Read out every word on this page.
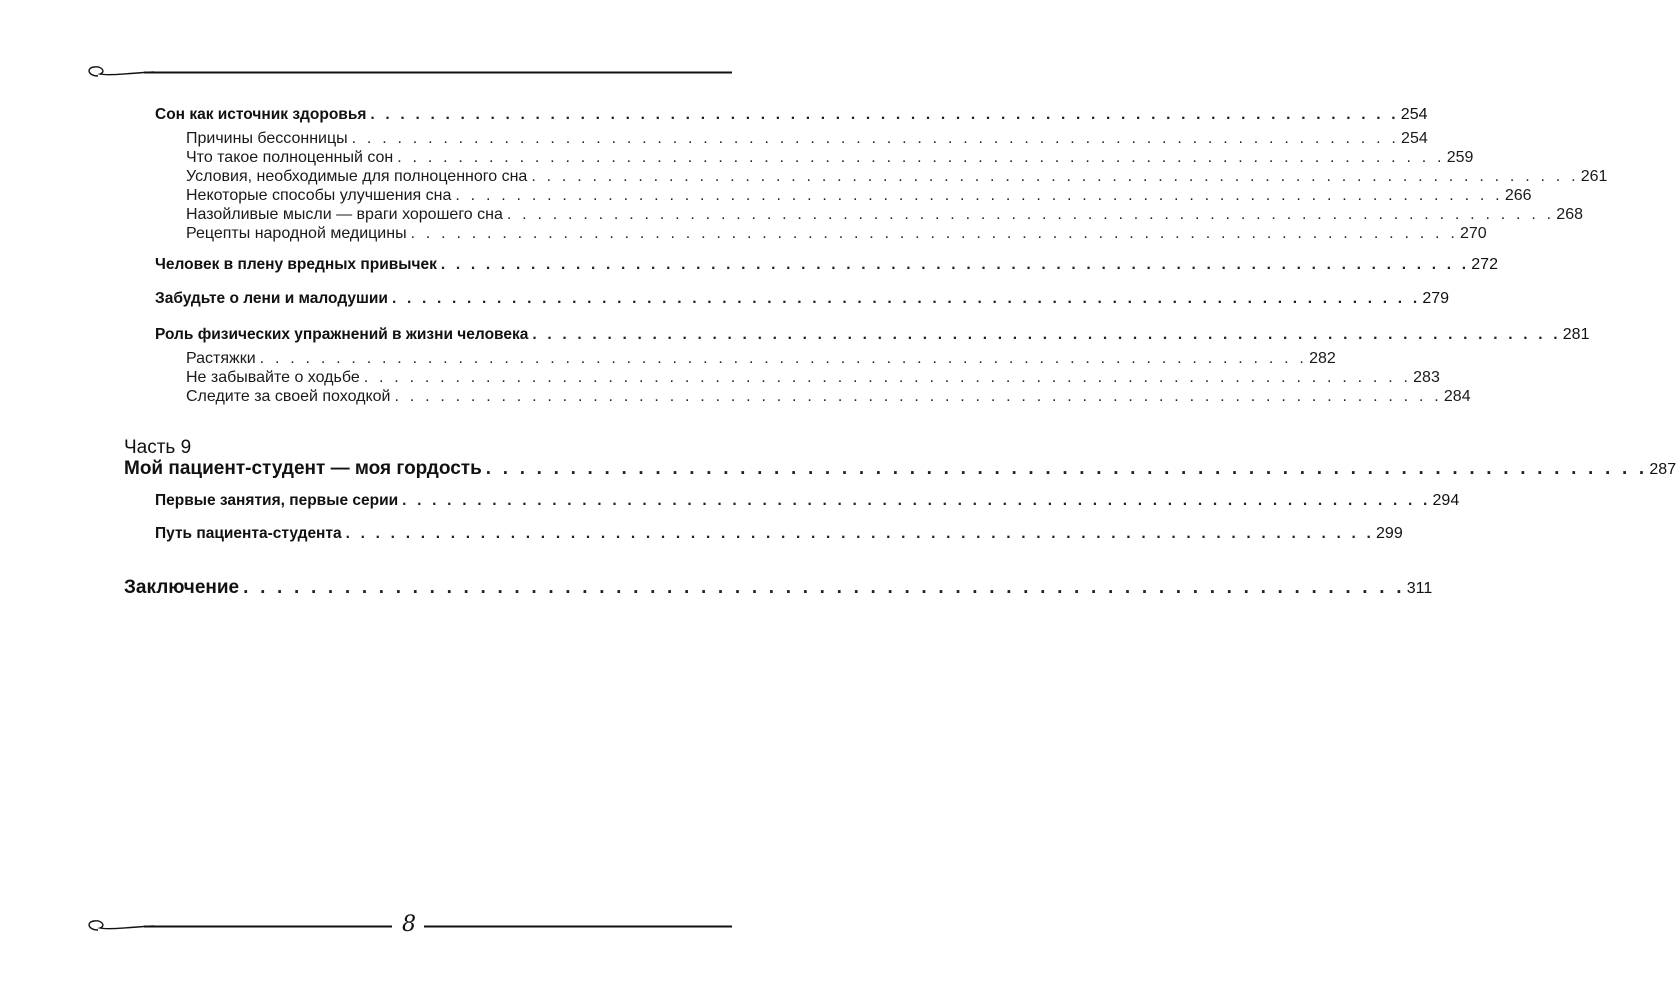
Сон как источник здоровья . . . . . . . . . . . . . . . . . . . . . . . . . . . . . . . . . . . . . . . . . . . . . . . . . . . . . . . . . . . . . . . . . . . . . 254
Причины бессонницы . . . . . . . . . . . . . . . . . . . . . . . . . . . . . . . . . . . . . . . . . . . . . . . . . . . . . . . . . . . . . . . . . . . . . 254
Что такое полноценный сон . . . . . . . . . . . . . . . . . . . . . . . . . . . . . . . . . . . . . . . . . . . . . . . . . . . . . . . . . . . . . . . . . . . . . 259
Условия, необходимые для полноценного сна . . . . . . . . . . . . . . . . . . . . . . . . . . . . . . . . . . . . . . . . . . . . . . . . . . . . . . . . . . . . . . . . . . . . . 261
Некоторые способы улучшения сна . . . . . . . . . . . . . . . . . . . . . . . . . . . . . . . . . . . . . . . . . . . . . . . . . . . . . . . . . . . . . . . . . . . . . 266
Назойливые мысли — враги хорошего сна . . . . . . . . . . . . . . . . . . . . . . . . . . . . . . . . . . . . . . . . . . . . . . . . . . . . . . . . . . . . . . . . . . . . . 268
Рецепты народной медицины . . . . . . . . . . . . . . . . . . . . . . . . . . . . . . . . . . . . . . . . . . . . . . . . . . . . . . . . . . . . . . . . . . . . . 270
Человек в плену вредных привычек . . . . . . . . . . . . . . . . . . . . . . . . . . . . . . . . . . . . . . . . . . . . . . . . . . . . . . . . . . . . . . . . . . . . . 272
Забудьте о лени и малодушии . . . . . . . . . . . . . . . . . . . . . . . . . . . . . . . . . . . . . . . . . . . . . . . . . . . . . . . . . . . . . . . . . . . . . 279
Роль физических упражнений в жизни человека . . . . . . . . . . . . . . . . . . . . . . . . . . . . . . . . . . . . . . . . . . . . . . . . . . . . . . . . . . . . . . . . . . . . . 281
Растяжки . . . . . . . . . . . . . . . . . . . . . . . . . . . . . . . . . . . . . . . . . . . . . . . . . . . . . . . . . . . . . . . . . . . . . 282
Не забывайте о ходьбе . . . . . . . . . . . . . . . . . . . . . . . . . . . . . . . . . . . . . . . . . . . . . . . . . . . . . . . . . . . . . . . . . . . . . 283
Следите за своей походкой . . . . . . . . . . . . . . . . . . . . . . . . . . . . . . . . . . . . . . . . . . . . . . . . . . . . . . . . . . . . . . . . . . . . . 284
Часть 9
Мой пациент-студент — моя гордость . . . . . . . . . . . . . . . . . . . . . . . . . . . . . . . . . . . . . . . . . . . . . . . . . . . . . . . . . . . . . . . . . . . . . 287
Первые занятия, первые серии . . . . . . . . . . . . . . . . . . . . . . . . . . . . . . . . . . . . . . . . . . . . . . . . . . . . . . . . . . . . . . . . . . . . . 294
Путь пациента-студента . . . . . . . . . . . . . . . . . . . . . . . . . . . . . . . . . . . . . . . . . . . . . . . . . . . . . . . . . . . . . . . . . . . . . 299
Заключение . . . . . . . . . . . . . . . . . . . . . . . . . . . . . . . . . . . . . . . . . . . . . . . . . . . . . . . . . . . . . . . . . . . . . 311
8
